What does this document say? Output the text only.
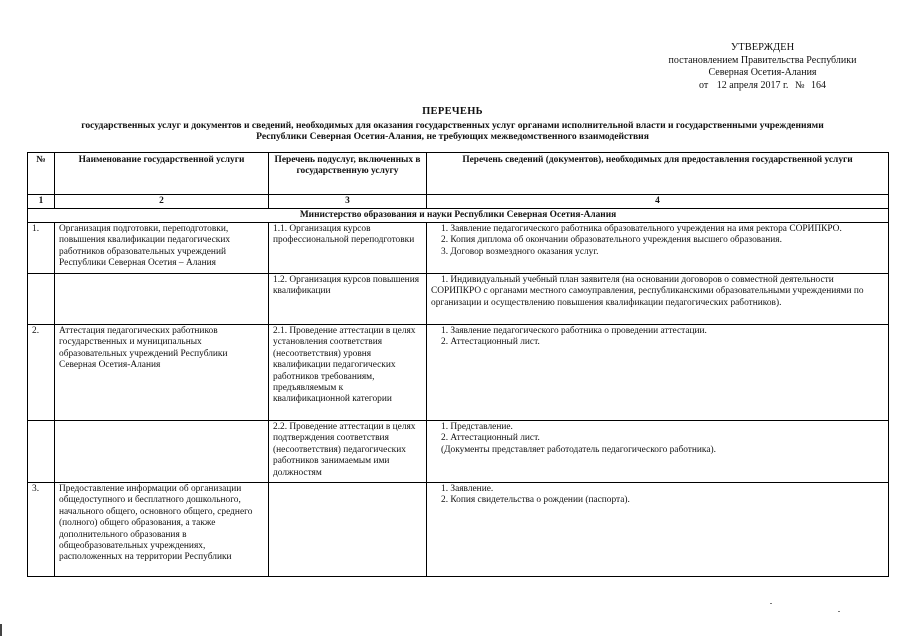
УТВЕРЖДЕН
постановлением Правительства Республики
Северная Осетия-Алания
от 12 апреля 2017 г. № 164
ПЕРЕЧЕНЬ
государственных услуг и документов и сведений, необходимых для оказания государственных услуг органами исполнительной власти и государственными учреждениями
Республики Северная Осетия-Алания, не требующих межведомственного взаимодействия
№	Наименование государственной услуги	Перечень подуслуг, включенных в государственную услугу	Перечень сведений (документов), необходимых для предоставления государственной услуги
1	2	3	4
Министерство образования и науки Республики Северная Осетия-Алания			
1.	Организация подготовки, переподготовки, повышения квалификации педагогических работников образовательных учреждений Республики Северная Осетия – Алания	1.1. Организация курсов профессиональной переподготовки	1. Заявление педагогического работника образовательного учреждения на имя ректора СОРИПКРО.
2. Копия диплома об окончании образовательного учреждения высшего образования.
3. Договор возмездного оказания услуг.

		1.2. Организация курсов повышения квалификации	1. Индивидуальный учебный план заявителя (на основании договоров о совместной деятельности СОРИПКРО с органами местного самоуправления, республиканскими образовательными учреждениями по организации и осуществлению повышения квалификации педагогических работников).

2.	Аттестация педагогических работников государственных и муниципальных образовательных учреждений Республики Северная Осетия-Алания	2.1. Проведение аттестации в целях установления соответствия (несоответствия) уровня квалификации педагогических работников требованиям, предъявляемым к квалификационной категории	1. Заявление педагогического работника о проведении аттестации.
2. Аттестационный лист.

		2.2. Проведение аттестации в целях подтверждения соответствия (несоответствия) педагогических работников занимаемым ими должностям	1. Представление.
2. Аттестационный лист.
(Документы представляет работодатель педагогического работника).

3.	Предоставление информации об организации общедоступного и бесплатного дошкольного, начального общего, основного общего, среднего (полного) общего образования, а также дополнительного образования в общеобразовательных учреждениях, расположенных на территории Республики		1. Заявление.
2. Копия свидетельства о рождении (паспорта).
